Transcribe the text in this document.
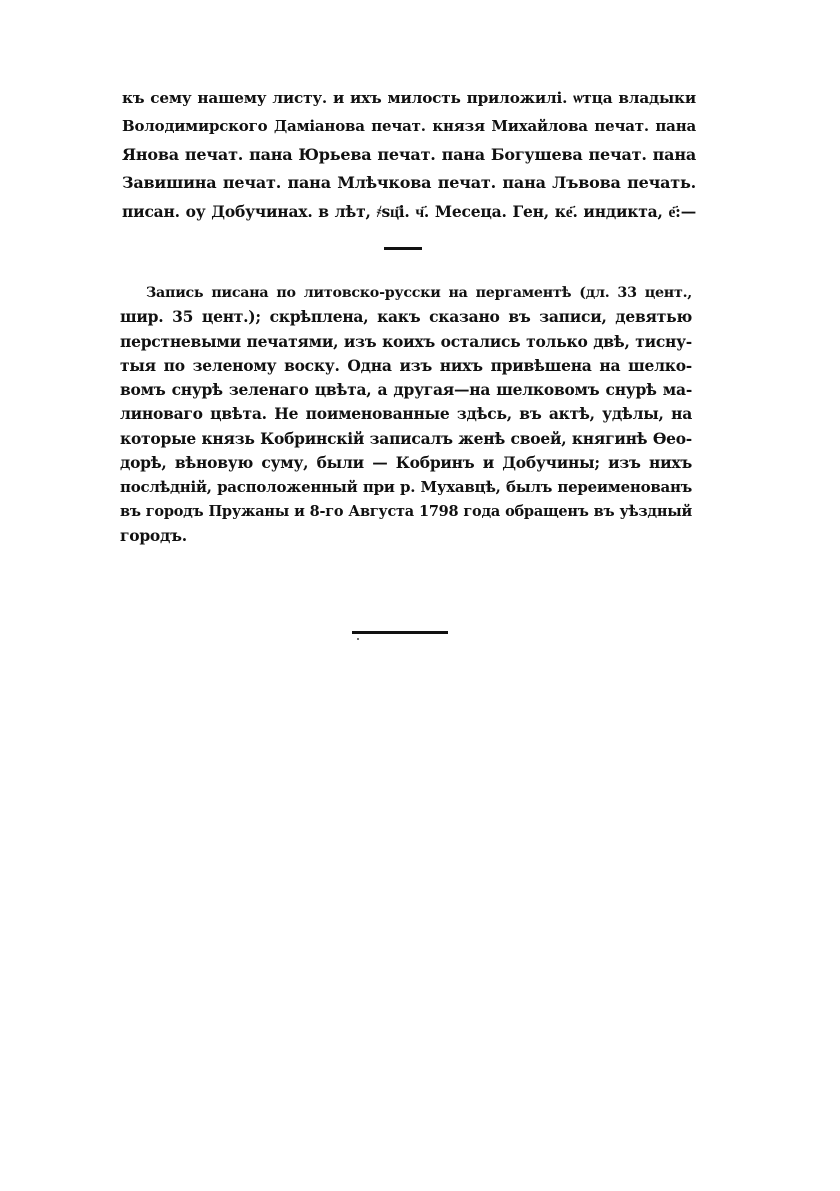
къ сему нашему листу. и ихъ милость приложилі. ѡтца владыки
Володимирского Даміанова печат. князя Михайлова печат. пана
Янова печат. пана Юрьева печат. пана Богушева печат. пана
Завишина печат. пана Млѣчкова печат. пана Лъвова печать.
писан. оу Добучинах. в лѣт, ҂ѕц҃і. ч҃. Месеца. Ген, ке҃. индикта, е҃:—
Запись писана по литовско-русски на пергаментѣ (дл. 33 цент.,
шир. 35 цент.); скрѣплена, какъ сказано въ записи, девятью
перстневыми печатями, изъ коихъ остались только двѣ, тисну-
тыя по зеленому воску. Одна изъ нихъ привѣшена на шелко-
вомъ снурѣ зеленаго цвѣта, а другая—на шелковомъ снурѣ ма-
линоваго цвѣта. Не поименованные здѣсь, въ актѣ, удѣлы, на
которые князь Кобринскій записалъ женѣ своей, княгинѣ Ѳео-
дорѣ, вѣновую суму, были — Кобринъ и Добучины; изъ нихъ
послѣдній, расположенный при р. Мухавцѣ, былъ переименованъ
въ городъ Пружаны и 8-го Августа 1798 года обращенъ въ уѣздный
городъ.
